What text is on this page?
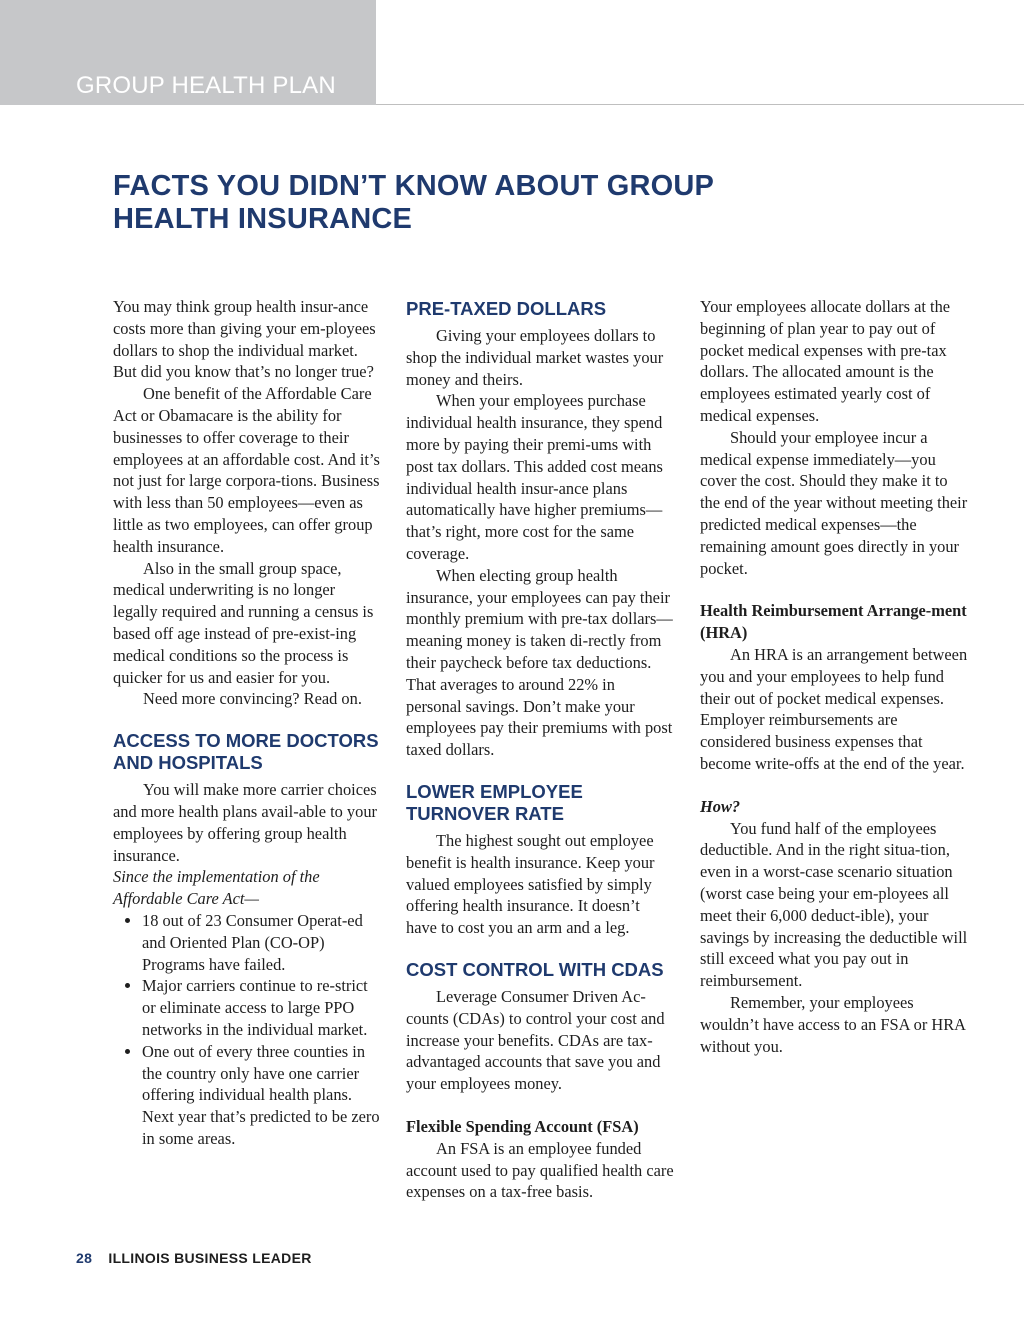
GROUP HEALTH PLAN
FACTS YOU DIDN’T KNOW ABOUT GROUP HEALTH INSURANCE

You may think group health insur-ance costs more than giving your em-ployees dollars to shop the individual market. But did you know that’s no longer true?

One benefit of the Affordable Care Act or Obamacare is the ability for businesses to offer coverage to their employees at an affordable cost. And it’s not just for large corpora-tions. Business with less than 50 employees—even as little as two employees, can offer group health insurance.

Also in the small group space, medical underwriting is no longer legally required and running a census is based off age instead of pre-exist-ing medical conditions so the process is quicker for us and easier for you.

Need more convincing? Read on.

ACCESS TO MORE DOCTORS AND HOSPITALS

You will make more carrier choices and more health plans avail-able to your employees by offering group health insurance.

Since the implementation of the Affordable Care Act—

• 18 out of 23 Consumer Operat-ed and Oriented Plan (CO-OP) Programs have failed.
• Major carriers continue to re-strict or eliminate access to large PPO networks in the individual market.
• One out of every three counties in the country only have one carrier offering individual health plans. Next year that’s predicted to be zero in some areas.
PRE-TAXED DOLLARS

Giving your employees dollars to shop the individual market wastes your money and theirs.

When your employees purchase individual health insurance, they spend more by paying their premi-ums with post tax dollars. This added cost means individual health insur-ance plans automatically have higher premiums—that’s right, more cost for the same coverage.

When electing group health insurance, your employees can pay their monthly premium with pre-tax dollars—meaning money is taken di-rectly from their paycheck before tax deductions. That averages to around 22% in personal savings. Don’t make your employees pay their premiums with post taxed dollars.

LOWER EMPLOYEE TURNOVER RATE

The highest sought out employee benefit is health insurance. Keep your valued employees satisfied by simply offering health insurance. It doesn’t have to cost you an arm and a leg.

COST CONTROL WITH CDAS

Leverage Consumer Driven Ac-counts (CDAs) to control your cost and increase your benefits. CDAs are tax-advantaged accounts that save you and your employees money.

Flexible Spending Account (FSA)

An FSA is an employee funded account used to pay qualified health care expenses on a tax-free basis.

Your employees allocate dollars at the beginning of plan year to pay out of pocket medical expenses with pre-tax dollars. The allocated amount is the employees estimated yearly cost of medical expenses.

Should your employee incur a medical expense immediately—you cover the cost. Should they make it to the end of the year without meeting their predicted medical expenses—the remaining amount goes directly in your pocket.

Health Reimbursement Arrange-ment (HRA)

An HRA is an arrangement between you and your employees to help fund their out of pocket medical expenses. Employer reimbursements are considered business expenses that become write-offs at the end of the year.

How?

You fund half of the employees deductible. And in the right situa-tion, even in a worst-case scenario situation (worst case being your em-ployees all meet their 6,000 deduct-ible), your savings by increasing the deductible will still exceed what you pay out in reimbursement.

Remember, your employees wouldn’t have access to an FSA or HRA without you.

28 ILLINOIS BUSINESS LEADER
